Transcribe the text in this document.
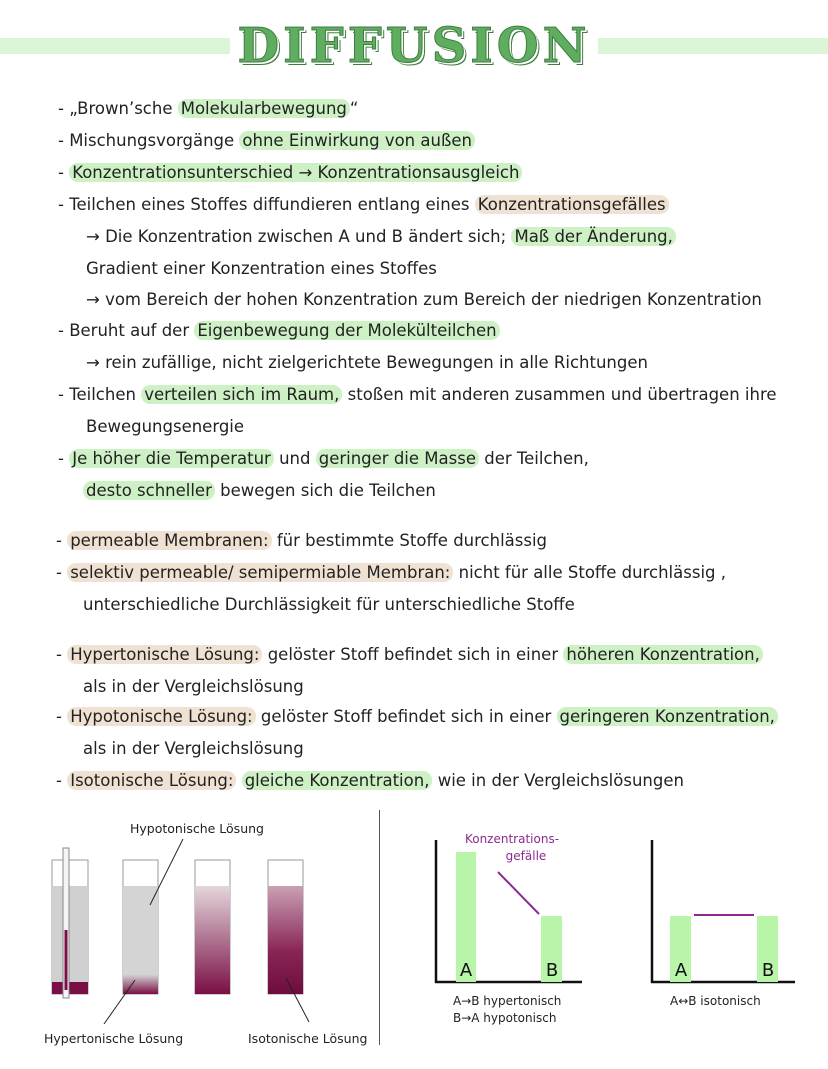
DIFFUSION
- „Brown’sche Molekularbewegung “
- Mischungsvorgänge ohne Einwirkung von außen
- Konzentrationsunterschied → Konzentrationsausgleich
- Teilchen eines Stoffes diffundieren entlang eines Konzentrationsgefälles
→ Die Konzentration zwischen A und B ändert sich; Maß der Änderung,
Gradient einer Konzentration eines Stoffes
→ vom Bereich der hohen Konzentration zum Bereich der niedrigen Konzentration
- Beruht auf der Eigenbewegung der Molekülteilchen
→ rein zufällige, nicht zielgerichtete Bewegungen in alle Richtungen
- Teilchen verteilen sich im Raum, stoßen mit anderen zusammen und übertragen ihre
Bewegungsenergie
- Je höher die Temperatur und geringer die Masse der Teilchen,
desto schneller bewegen sich die Teilchen
- permeable Membranen: für bestimmte Stoffe durchlässig
- selektiv permeable/ semipermiable Membran: nicht für alle Stoffe durchlässig ,
unterschiedliche Durchlässigkeit für unterschiedliche Stoffe
- Hypertonische Lösung: gelöster Stoff befindet sich in einer höheren Konzentration,
als in der Vergleichslösung
- Hypotonische Lösung: gelöster Stoff befindet sich in einer geringeren Konzentration,
als in der Vergleichslösung
- Isotonische Lösung: gleiche Konzentration, wie in der Vergleichslösungen
Hypotonische Lösung
Hypertonische Lösung	Isotonische Lösung
Konzentrations-
gefälle
A	B
A→B hypertonisch
B→A hypotonisch
A	B
A↔B isotonisch
